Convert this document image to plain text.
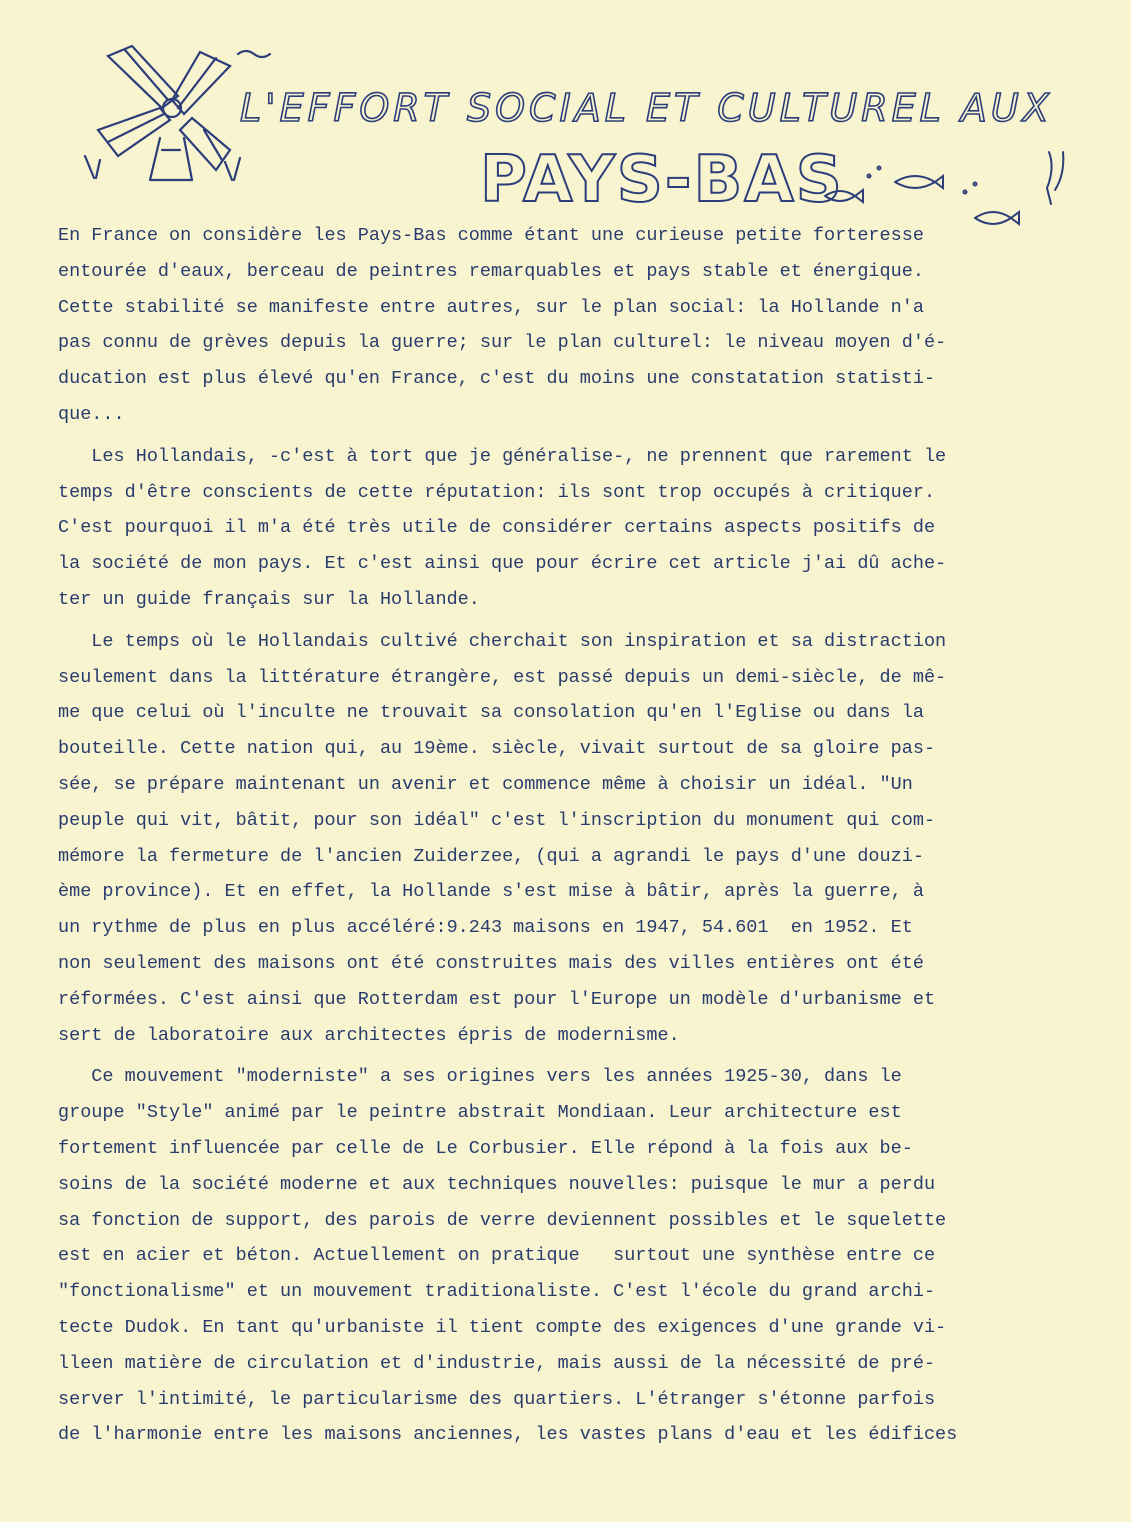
L'EFFORT SOCIAL ET CULTUREL AUX
PAYS-BAS
En France on considère les Pays-Bas comme étant une curieuse petite forteresse
entourée d'eaux, berceau de peintres remarquables et pays stable et énergique.
Cette stabilité se manifeste entre autres, sur le plan social: la Hollande n'a
pas connu de grèves depuis la guerre; sur le plan culturel: le niveau moyen d'é-
ducation est plus élevé qu'en France, c'est du moins une constatation statisti-
que...
Les Hollandais, -c'est à tort que je généralise-, ne prennent que rarement le
temps d'être conscients de cette réputation: ils sont trop occupés à critiquer.
C'est pourquoi il m'a été très utile de considérer certains aspects positifs de
la société de mon pays. Et c'est ainsi que pour écrire cet article j'ai dû ache-
ter un guide français sur la Hollande.
Le temps où le Hollandais cultivé cherchait son inspiration et sa distraction
seulement dans la littérature étrangère, est passé depuis un demi-siècle, de mê-
me que celui où l'inculte ne trouvait sa consolation qu'en l'Eglise ou dans la
bouteille. Cette nation qui, au 19ème. siècle, vivait surtout de sa gloire pas-
sée, se prépare maintenant un avenir et commence même à choisir un idéal. "Un
peuple qui vit, bâtit, pour son idéal" c'est l'inscription du monument qui com-
mémore la fermeture de l'ancien Zuiderzee, (qui a agrandi le pays d'une douzi-
ème province). Et en effet, la Hollande s'est mise à bâtir, après la guerre, à
un rythme de plus en plus accéléré:9.243 maisons en 1947, 54.601  en 1952. Et
non seulement des maisons ont été construites mais des villes entières ont été
réformées. C'est ainsi que Rotterdam est pour l'Europe un modèle d'urbanisme et
sert de laboratoire aux architectes épris de modernisme.
Ce mouvement "moderniste" a ses origines vers les années 1925-30, dans le
groupe "Style" animé par le peintre abstrait Mondiaan. Leur architecture est
fortement influencée par celle de Le Corbusier. Elle répond à la fois aux be-
soins de la société moderne et aux techniques nouvelles: puisque le mur a perdu
sa fonction de support, des parois de verre deviennent possibles et le squelette
est en acier et béton. Actuellement on pratique   surtout une synthèse entre ce
"fonctionalisme" et un mouvement traditionaliste. C'est l'école du grand archi-
tecte Dudok. En tant qu'urbaniste il tient compte des exigences d'une grande vi-
lleen matière de circulation et d'industrie, mais aussi de la nécessité de pré-
server l'intimité, le particularisme des quartiers. L'étranger s'étonne parfois
de l'harmonie entre les maisons anciennes, les vastes plans d'eau et les édifices
